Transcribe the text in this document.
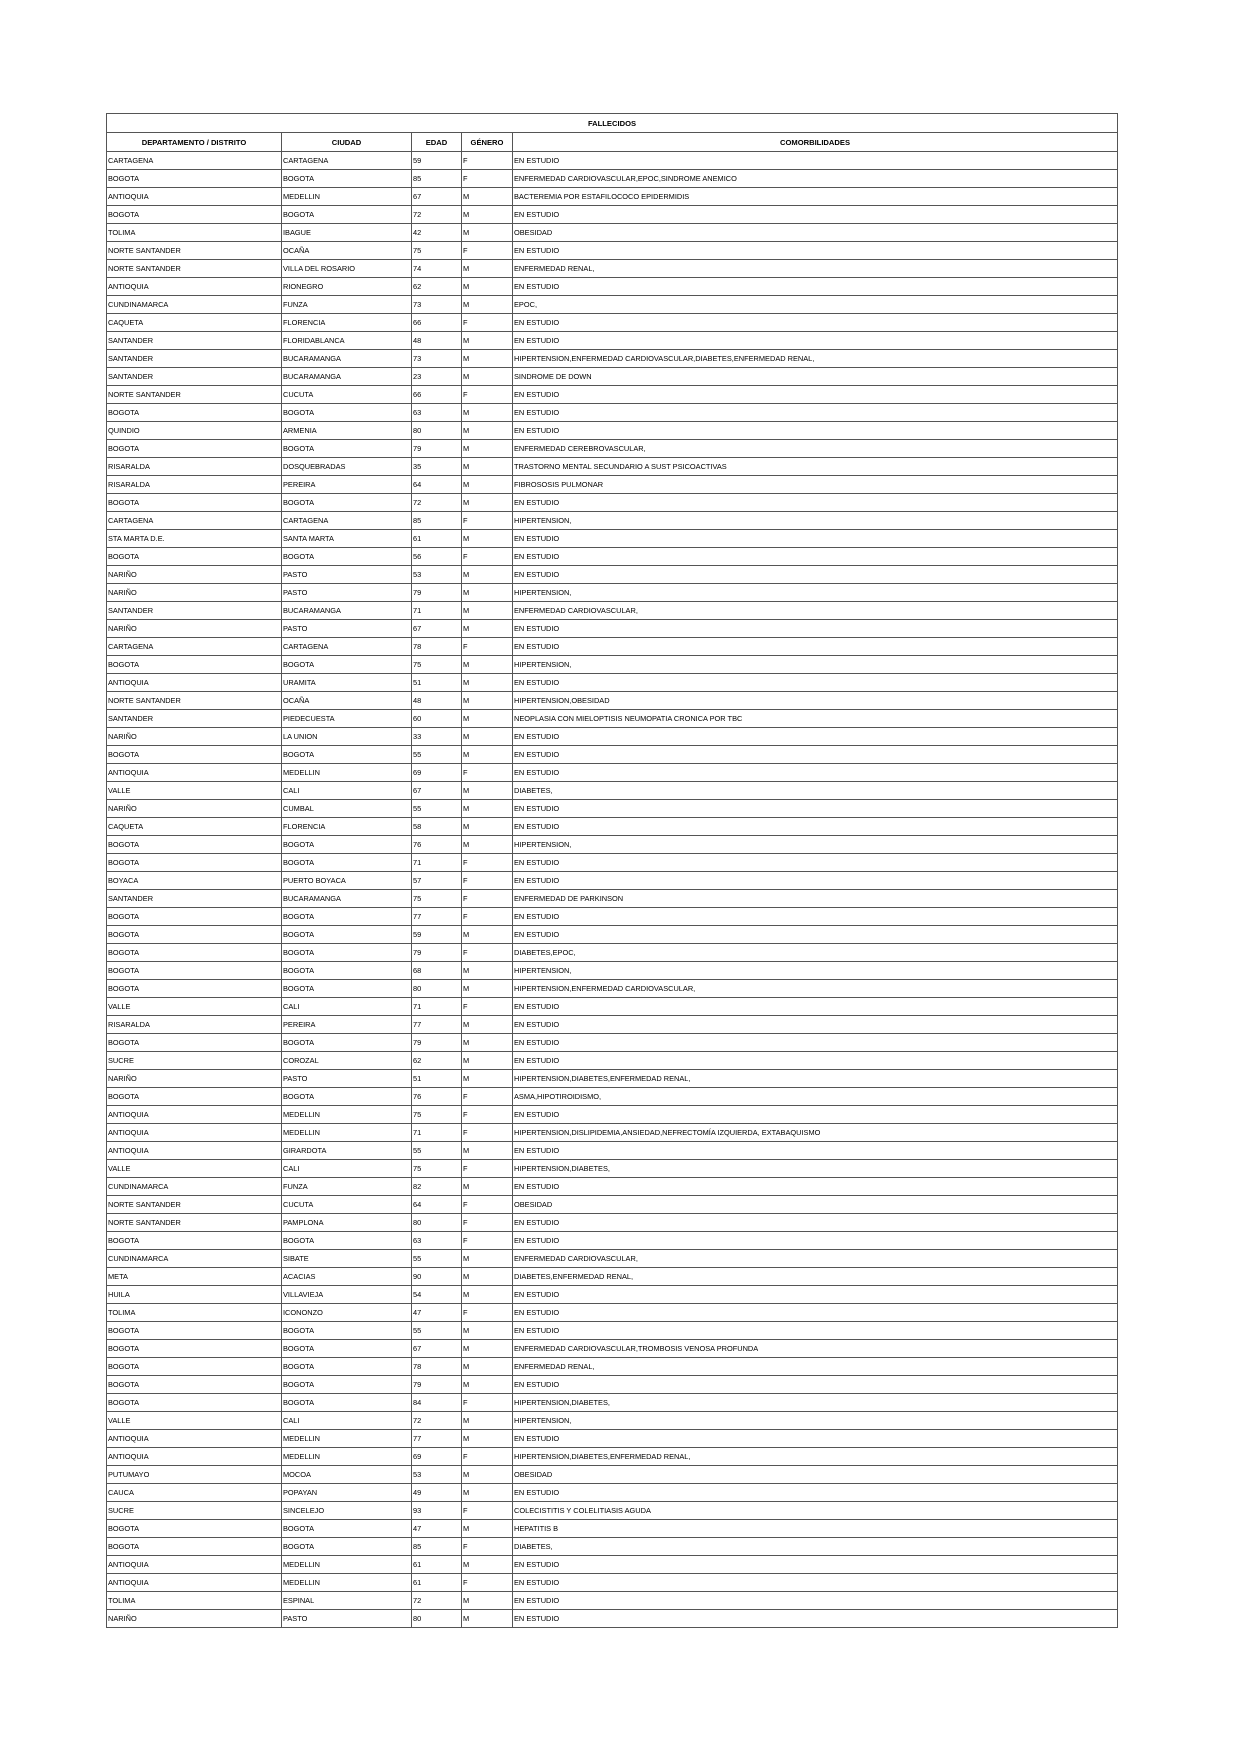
FALLECIDOS				
DEPARTAMENTO / DISTRITO	CIUDAD	EDAD	GÉNERO	COMORBILIDADES
CARTAGENA	CARTAGENA	59	F	EN ESTUDIO
BOGOTA	BOGOTA	85	F	ENFERMEDAD CARDIOVASCULAR,EPOC,SINDROME ANEMICO
ANTIOQUIA	MEDELLIN	67	M	BACTEREMIA POR ESTAFILOCOCO EPIDERMIDIS
BOGOTA	BOGOTA	72	M	EN ESTUDIO
TOLIMA	IBAGUE	42	M	OBESIDAD
NORTE SANTANDER	OCAÑA	75	F	EN ESTUDIO
NORTE SANTANDER	VILLA DEL ROSARIO	74	M	ENFERMEDAD RENAL,
ANTIOQUIA	RIONEGRO	62	M	EN ESTUDIO
CUNDINAMARCA	FUNZA	73	M	EPOC,
CAQUETA	FLORENCIA	66	F	EN ESTUDIO
SANTANDER	FLORIDABLANCA	48	M	EN ESTUDIO
SANTANDER	BUCARAMANGA	73	M	HIPERTENSION,ENFERMEDAD CARDIOVASCULAR,DIABETES,ENFERMEDAD RENAL,
SANTANDER	BUCARAMANGA	23	M	SINDROME DE DOWN
NORTE SANTANDER	CUCUTA	66	F	EN ESTUDIO
BOGOTA	BOGOTA	63	M	EN ESTUDIO
QUINDIO	ARMENIA	80	M	EN ESTUDIO
BOGOTA	BOGOTA	79	M	ENFERMEDAD CEREBROVASCULAR,
RISARALDA	DOSQUEBRADAS	35	M	TRASTORNO MENTAL SECUNDARIO A SUST PSICOACTIVAS
RISARALDA	PEREIRA	64	M	FIBROSOSIS PULMONAR
BOGOTA	BOGOTA	72	M	EN ESTUDIO
CARTAGENA	CARTAGENA	85	F	HIPERTENSION,
STA MARTA D.E.	SANTA MARTA	61	M	EN ESTUDIO
BOGOTA	BOGOTA	56	F	EN ESTUDIO
NARIÑO	PASTO	53	M	EN ESTUDIO
NARIÑO	PASTO	79	M	HIPERTENSION,
SANTANDER	BUCARAMANGA	71	M	ENFERMEDAD CARDIOVASCULAR,
NARIÑO	PASTO	67	M	EN ESTUDIO
CARTAGENA	CARTAGENA	78	F	EN ESTUDIO
BOGOTA	BOGOTA	75	M	HIPERTENSION,
ANTIOQUIA	URAMITA	51	M	EN ESTUDIO
NORTE SANTANDER	OCAÑA	48	M	HIPERTENSION,OBESIDAD
SANTANDER	PIEDECUESTA	60	M	NEOPLASIA CON MIELOPTISIS NEUMOPATIA CRONICA POR TBC
NARIÑO	LA UNION	33	M	EN ESTUDIO
BOGOTA	BOGOTA	55	M	EN ESTUDIO
ANTIOQUIA	MEDELLIN	69	F	EN ESTUDIO
VALLE	CALI	67	M	DIABETES,
NARIÑO	CUMBAL	55	M	EN ESTUDIO
CAQUETA	FLORENCIA	58	M	EN ESTUDIO
BOGOTA	BOGOTA	76	M	HIPERTENSION,
BOGOTA	BOGOTA	71	F	EN ESTUDIO
BOYACA	PUERTO BOYACA	57	F	EN ESTUDIO
SANTANDER	BUCARAMANGA	75	F	ENFERMEDAD DE PARKINSON
BOGOTA	BOGOTA	77	F	EN ESTUDIO
BOGOTA	BOGOTA	59	M	EN ESTUDIO
BOGOTA	BOGOTA	79	F	DIABETES,EPOC,
BOGOTA	BOGOTA	68	M	HIPERTENSION,
BOGOTA	BOGOTA	80	M	HIPERTENSION,ENFERMEDAD CARDIOVASCULAR,
VALLE	CALI	71	F	EN ESTUDIO
RISARALDA	PEREIRA	77	M	EN ESTUDIO
BOGOTA	BOGOTA	79	M	EN ESTUDIO
SUCRE	COROZAL	62	M	EN ESTUDIO
NARIÑO	PASTO	51	M	HIPERTENSION,DIABETES,ENFERMEDAD RENAL,
BOGOTA	BOGOTA	76	F	ASMA,HIPOTIROIDISMO,
ANTIOQUIA	MEDELLIN	75	F	EN ESTUDIO
ANTIOQUIA	MEDELLIN	71	F	HIPERTENSION,DISLIPIDEMIA,ANSIEDAD,NEFRECTOMÍA IZQUIERDA, EXTABAQUISMO
ANTIOQUIA	GIRARDOTA	55	M	EN ESTUDIO
VALLE	CALI	75	F	HIPERTENSION,DIABETES,
CUNDINAMARCA	FUNZA	82	M	EN ESTUDIO
NORTE SANTANDER	CUCUTA	64	F	OBESIDAD
NORTE SANTANDER	PAMPLONA	80	F	EN ESTUDIO
BOGOTA	BOGOTA	63	F	EN ESTUDIO
CUNDINAMARCA	SIBATE	55	M	ENFERMEDAD CARDIOVASCULAR,
META	ACACIAS	90	M	DIABETES,ENFERMEDAD RENAL,
HUILA	VILLAVIEJA	54	M	EN ESTUDIO
TOLIMA	ICONONZO	47	F	EN ESTUDIO
BOGOTA	BOGOTA	55	M	EN ESTUDIO
BOGOTA	BOGOTA	67	M	ENFERMEDAD CARDIOVASCULAR,TROMBOSIS VENOSA PROFUNDA
BOGOTA	BOGOTA	78	M	ENFERMEDAD RENAL,
BOGOTA	BOGOTA	79	M	EN ESTUDIO
BOGOTA	BOGOTA	84	F	HIPERTENSION,DIABETES,
VALLE	CALI	72	M	HIPERTENSION,
ANTIOQUIA	MEDELLIN	77	M	EN ESTUDIO
ANTIOQUIA	MEDELLIN	69	F	HIPERTENSION,DIABETES,ENFERMEDAD RENAL,
PUTUMAYO	MOCOA	53	M	OBESIDAD
CAUCA	POPAYAN	49	M	EN ESTUDIO
SUCRE	SINCELEJO	93	F	COLECISTITIS Y COLELITIASIS AGUDA
BOGOTA	BOGOTA	47	M	HEPATITIS B
BOGOTA	BOGOTA	85	F	DIABETES,
ANTIOQUIA	MEDELLIN	61	M	EN ESTUDIO
ANTIOQUIA	MEDELLIN	61	F	EN ESTUDIO
TOLIMA	ESPINAL	72	M	EN ESTUDIO
NARIÑO	PASTO	80	M	EN ESTUDIO
